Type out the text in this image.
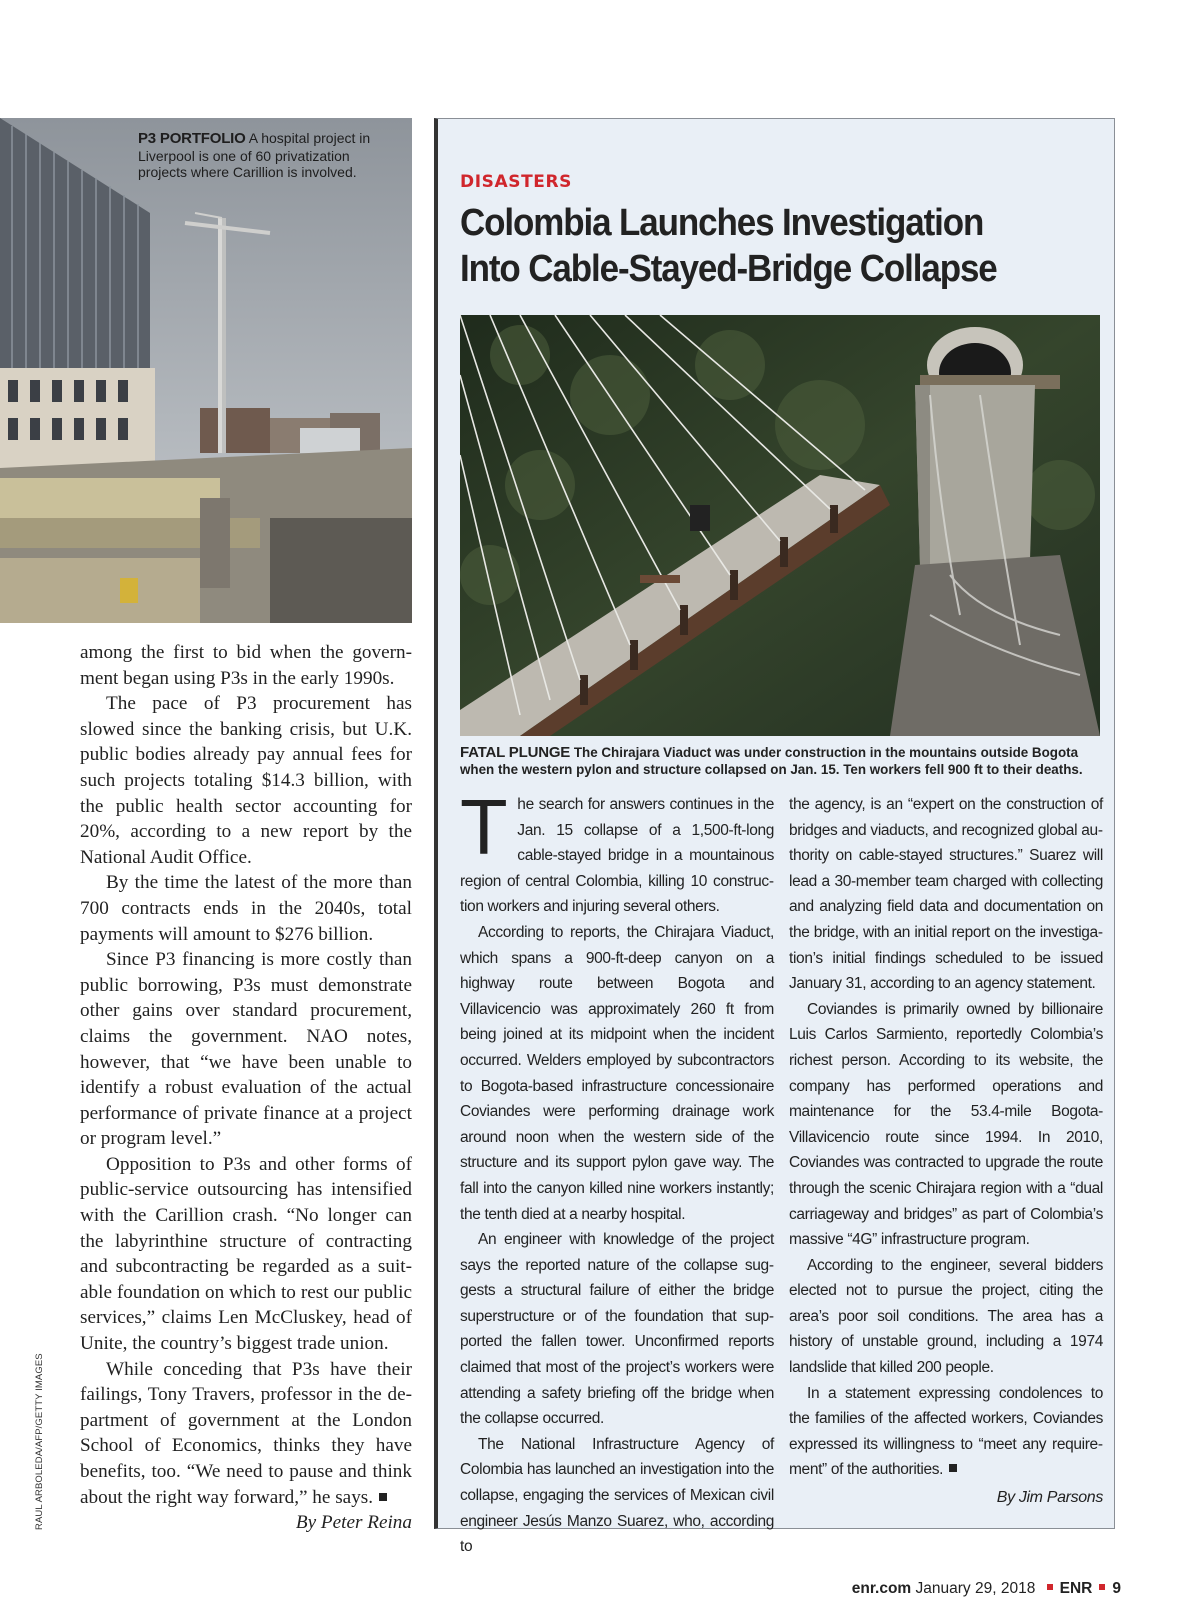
P3 PORTFOLIO A hospital project in Liverpool is one of 60 privatization projects where Carillion is involved.

among the first to bid when the government began using P3s in the early 1990s.

The pace of P3 procurement has slowed since the banking crisis, but U.K. public bodies already pay annual fees for such projects totaling $14.3 billion, with the public health sector accounting for 20%, according to a new report by the National Audit Office.

By the time the latest of the more than 700 contracts ends in the 2040s, total payments will amount to $276 billion.

Since P3 financing is more costly than public borrowing, P3s must demonstrate other gains over standard procurement, claims the government. NAO notes, however, that “we have been unable to identify a robust evaluation of the actual performance of private finance at a project or program level.”

Opposition to P3s and other forms of public-service outsourcing has intensified with the Carillion crash. “No longer can the labyrinthine structure of contracting and subcontracting be regarded as a suitable foundation on which to rest our public services,” claims Len McCluskey, head of Unite, the country’s biggest trade union.

While conceding that P3s have their failings, Tony Travers, professor in the department of government at the London School of Economics, thinks they have benefits, too. “We need to pause and think about the right way forward,” he says.

By Peter Reina

RAUL ARBOLEDA/AFP/GETTY IMAGES
DISASTERS
Colombia Launches Investigation
Into Cable-Stayed-Bridge Collapse
FATAL PLUNGE The Chirajara Viaduct was under construction in the mountains outside Bogota when the western pylon and structure collapsed on Jan. 15. Ten workers fell 900 ft to their deaths.

The search for answers continues in the Jan. 15 collapse of a 1,500-ft-long cable-stayed bridge in a mountainous region of central Colombia, killing 10 construction workers and injuring several others.

According to reports, the Chirajara Viaduct, which spans a 900-ft-deep canyon on a highway route between Bogota and Villavicencio was approximately 260 ft from being joined at its midpoint when the incident occurred. Welders employed by subcontractors to Bogota-based infrastructure concessionaire Coviandes were performing drainage work around noon when the western side of the structure and its support pylon gave way. The fall into the canyon killed nine workers instantly; the tenth died at a nearby hospital.

An engineer with knowledge of the project says the reported nature of the collapse suggests a structural failure of either the bridge superstructure or of the foundation that supported the fallen tower. Unconfirmed reports claimed that most of the project’s workers were attending a safety briefing off the bridge when the collapse occurred.

The National Infrastructure Agency of Colombia has launched an investigation into the collapse, engaging the services of Mexican civil engineer Jesús Manzo Suarez, who, according to

the agency, is an “expert on the construction of bridges and viaducts, and recognized global authority on cable-stayed structures.” Suarez will lead a 30-member team charged with collecting and analyzing field data and documentation on the bridge, with an initial report on the investigation’s initial findings scheduled to be issued January 31, according to an agency statement.

Coviandes is primarily owned by billionaire Luis Carlos Sarmiento, reportedly Colombia’s richest person. According to its website, the company has performed operations and maintenance for the 53.4-mile Bogota-Villavicencio route since 1994. In 2010, Coviandes was contracted to upgrade the route through the scenic Chirajara region with a “dual carriageway and bridges” as part of Colombia’s massive “4G” infrastructure program.

According to the engineer, several bidders elected not to pursue the project, citing the area’s poor soil conditions. The area has a history of unstable ground, including a 1974 landslide that killed 200 people.

In a statement expressing condolences to the families of the affected workers, Coviandes expressed its willingness to “meet any requirement” of the authorities.

By Jim Parsons

enr.com January 29, 2018 ENR 9
